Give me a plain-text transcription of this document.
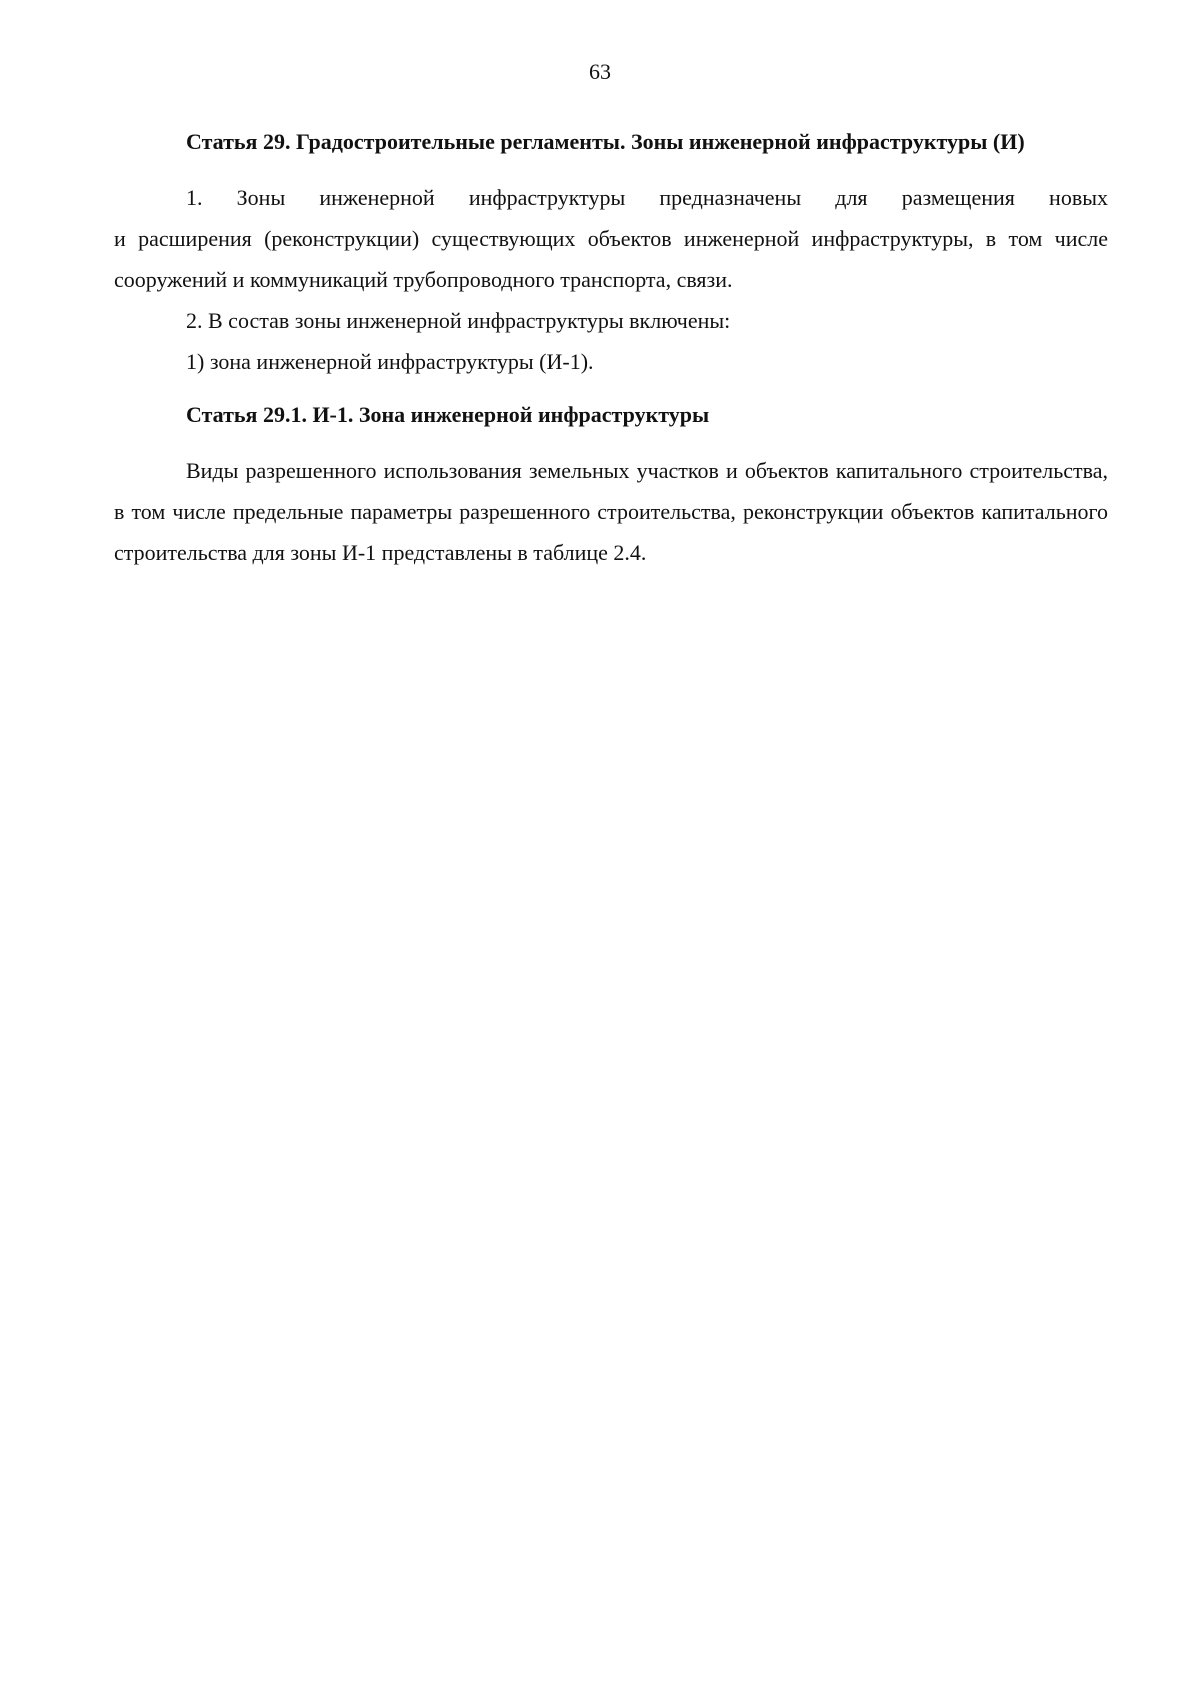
63
Статья 29. Градостроительные регламенты. Зоны инженерной инфраструктуры (И)

1. Зоны инженерной инфраструктуры предназначены для размещения новых

и расширения (реконструкции) существующих объектов инженерной инфраструктуры, в том числе сооружений и коммуникаций трубопроводного транспорта, связи.

2. В состав зоны инженерной инфраструктуры включены:

1) зона инженерной инфраструктуры (И-1).

Статья 29.1. И-1. Зона инженерной инфраструктуры

Виды разрешенного использования земельных участков и объектов капитального строительства, в том числе предельные параметры разрешенного строительства, реконструкции объектов капитального строительства для зоны И-1 представлены в таблице 2.4.
